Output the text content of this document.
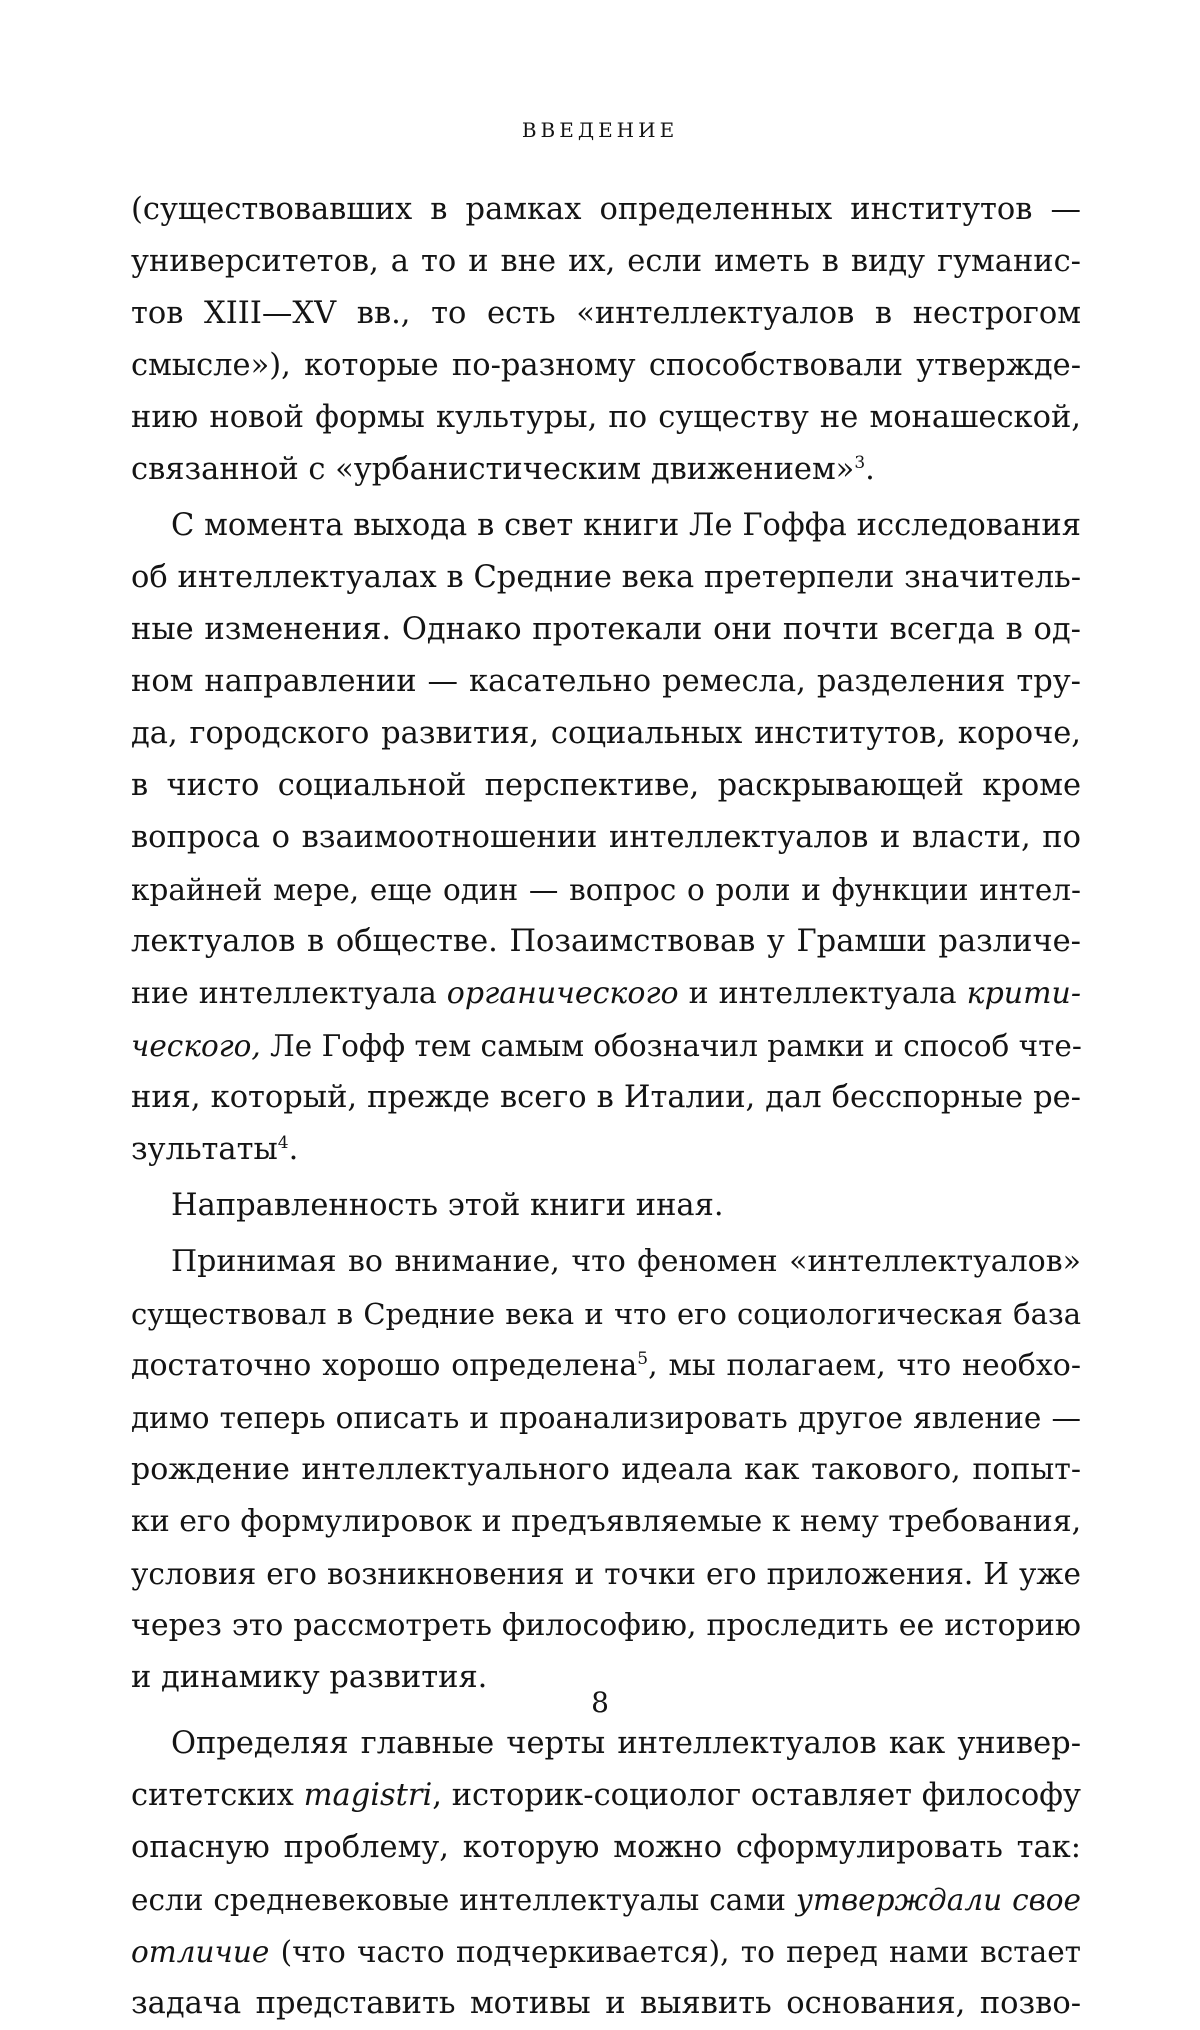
ВВЕДЕНИЕ
(существовавших в рамках определенных институтов —
университетов, а то и вне их, если иметь в виду гуманис-
тов XIII—XV вв., то есть «интеллектуалов в нестрогом
смысле»), которые по-разному способствовали утвержде-
нию новой формы культуры, по существу не монашеской,
связанной с «урбанистическим движением»$^3$.
С момента выхода в свет книги Ле Гоффа исследования
об интеллектуалах в Средние века претерпели значитель-
ные изменения. Однако протекали они почти всегда в од-
ном направлении — касательно ремесла, разделения тру-
да, городского развития, социальных институтов, короче,
в чисто социальной перспективе, раскрывающей кроме
вопроса о взаимоотношении интеллектуалов и власти, по
крайней мере, еще один — вопрос о роли и функции интел-
лектуалов в обществе. Позаимствовав у Грамши различе-
ние интеллектуала органического и интеллектуала крити-
ческого, Ле Гофф тем самым обозначил рамки и способ чте-
ния, который, прежде всего в Италии, дал бесспорные ре-
зультаты$^4$.
Направленность этой книги иная.
Принимая во внимание, что феномен «интеллектуалов»
существовал в Средние века и что его социологическая база
достаточно хорошо определена$^5$, мы полагаем, что необхо-
димо теперь описать и проанализировать другое явление —
рождение интеллектуального идеала как такового, попыт-
ки его формулировок и предъявляемые к нему требования,
условия его возникновения и точки его приложения. И уже
через это рассмотреть философию, проследить ее историю
и динамику развития.
Определяя главные черты интеллектуалов как универ-
ситетских magistri, историк-социолог оставляет философу
опасную проблему, которую можно сформулировать так:
если средневековые интеллектуалы сами утверждали свое
отличие (что часто подчеркивается), то перед нами встает
задача представить мотивы и выявить основания, позво-
8
